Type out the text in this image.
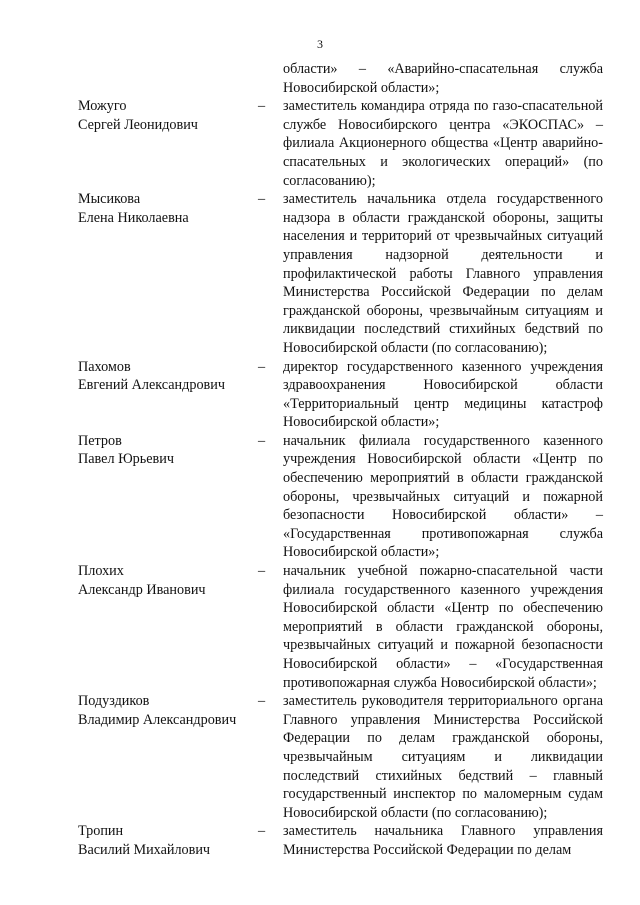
3
области» – «Аварийно-спасательная служба Новосибирской области»;
Можуго
Сергей Леонидович
–	заместитель командира отряда по газо-спасательной службе Новосибирского центра «ЭКОСПАС» – филиала Акционерного общества «Центр аварийно-спасательных и экологических операций» (по согласованию);
Мысикова
Елена Николаевна
–	заместитель начальника отдела государственного надзора в области гражданской обороны, защиты населения и территорий от чрезвычайных ситуаций управления надзорной деятельности и профилактической работы Главного управления Министерства Российской Федерации по делам гражданской обороны, чрезвычайным ситуациям и ликвидации последствий стихийных бедствий по Новосибирской области (по согласованию);
Пахомов
Евгений Александрович
–	директор государственного казенного учреждения здравоохранения Новосибирской области «Территориальный центр медицины катастроф Новосибирской области»;
Петров
Павел Юрьевич
–	начальник филиала государственного казенного учреждения Новосибирской области «Центр по обеспечению мероприятий в области гражданской обороны, чрезвычайных ситуаций и пожарной безопасности Новосибирской области» – «Государственная противопожарная служба Новосибирской области»;
Плохих
Александр Иванович
–	начальник учебной пожарно-спасательной части филиала государственного казенного учреждения Новосибирской области «Центр по обеспечению мероприятий в области гражданской обороны, чрезвычайных ситуаций и пожарной безопасности Новосибирской области» – «Государственная противопожарная служба Новосибирской области»;
Подуздиков
Владимир Александрович
–	заместитель руководителя территориального органа Главного управления Министерства Российской Федерации по делам гражданской обороны, чрезвычайным ситуациям и ликвидации последствий стихийных бедствий – главный государственный инспектор по маломерным судам Новосибирской области (по согласованию);
Тропин
Василий Михайлович
–	заместитель начальника Главного управления Министерства Российской Федерации по делам
